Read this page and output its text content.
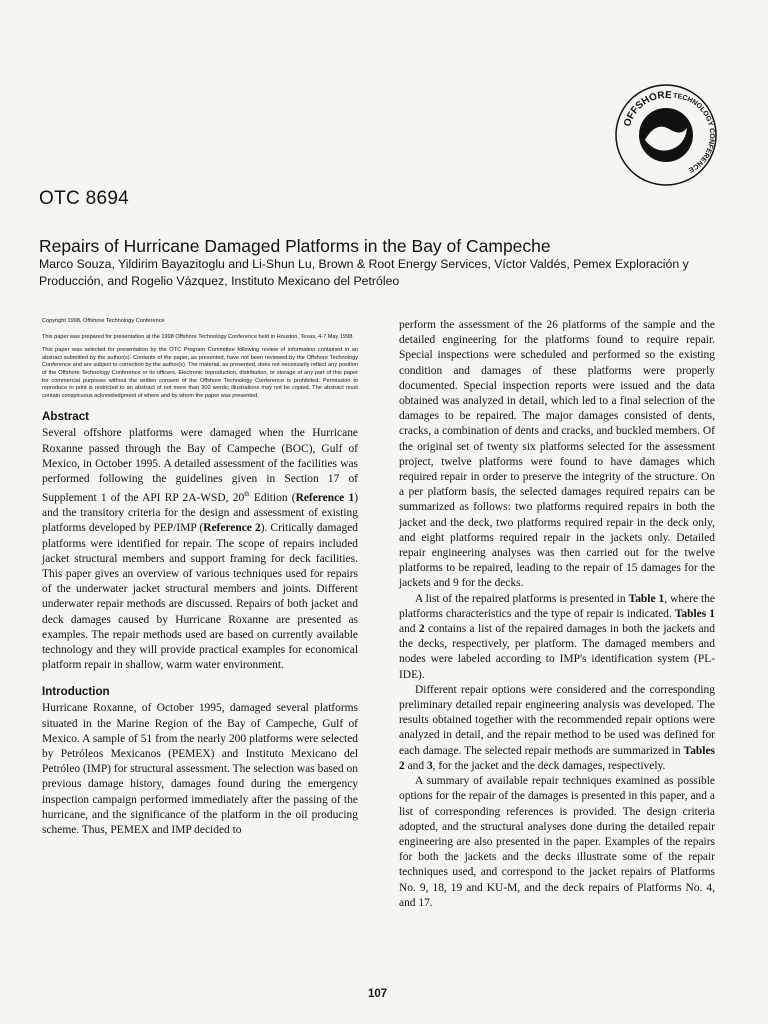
OFFSHORE TECHNOLOGY CONFERENCE
OTC 8694
Repairs of Hurricane Damaged Platforms in the Bay of Campeche
Marco Souza, Yildirim Bayazitoglu and Li-Shun Lu, Brown & Root Energy Services, Víctor Valdés, Pemex Exploración y Producción, and Rogelio Vázquez, Instituto Mexicano del Petróleo

Copyright 1998, Offshore Technology Conference

This paper was prepared for presentation at the 1998 Offshore Technology Conference held in Houston, Texas, 4-7 May 1998.

This paper was selected for presentation by the OTC Program Committee following review of information contained in an abstract submitted by the author(s). Contents of the paper, as presented, have not been reviewed by the Offshore Technology Conference and are subject to correction by the author(s). The material, as presented, does not necessarily reflect any position of the Offshore Technology Conference or its officers. Electronic reproduction, distribution, or storage of any part of this paper for commercial purposes without the written consent of the Offshore Technology Conference is prohibited. Permission to reproduce in print is restricted to an abstract of not more than 300 words; illustrations may not be copied. The abstract must contain conspicuous acknowledgment of where and by whom the paper was presented.

Abstract

Several offshore platforms were damaged when the Hurricane Roxanne passed through the Bay of Campeche (BOC), Gulf of Mexico, in October 1995. A detailed assessment of the facilities was performed following the guidelines given in Section 17 of Supplement 1 of the API RP 2A-WSD, 20th Edition (Reference 1) and the transitory criteria for the design and assessment of existing platforms developed by PEP/IMP (Reference 2). Critically damaged platforms were identified for repair. The scope of repairs included jacket structural members and support framing for deck facilities. This paper gives an overview of various techniques used for repairs of the underwater jacket structural members and joints. Different underwater repair methods are discussed. Repairs of both jacket and deck damages caused by Hurricane Roxanne are presented as examples. The repair methods used are based on currently available technology and they will provide practical examples for economical platform repair in shallow, warm water environment.

Introduction

Hurricane Roxanne, of October 1995, damaged several platforms situated in the Marine Region of the Bay of Campeche, Gulf of Mexico. A sample of 51 from the nearly 200 platforms were selected by Petróleos Mexicanos (PEMEX) and Instituto Mexicano del Petróleo (IMP) for structural assessment. The selection was based on previous damage history, damages found during the emergency inspection campaign performed immediately after the passing of the hurricane, and the significance of the platform in the oil producing scheme. Thus, PEMEX and IMP decided to

perform the assessment of the 26 platforms of the sample and the detailed engineering for the platforms found to require repair. Special inspections were scheduled and performed so the existing condition and damages of these platforms were properly documented. Special inspection reports were issued and the data obtained was analyzed in detail, which led to a final selection of the damages to be repaired. The major damages consisted of dents, cracks, a combination of dents and cracks, and buckled members. Of the original set of twenty six platforms selected for the assessment project, twelve platforms were found to have damages which required repair in order to preserve the integrity of the structure. On a per platform basis, the selected damages required repairs can be summarized as follows: two platforms required repairs in both the jacket and the deck, two platforms required repair in the deck only, and eight platforms required repair in the jackets only. Detailed repair engineering analyses was then carried out for the twelve platforms to be repaired, leading to the repair of 15 damages for the jackets and 9 for the decks.

A list of the repaired platforms is presented in Table 1, where the platforms characteristics and the type of repair is indicated. Tables 1 and 2 contains a list of the repaired damages in both the jackets and the decks, respectively, per platform. The damaged members and nodes were labeled according to IMP's identification system (PL-IDE).

Different repair options were considered and the corresponding preliminary detailed repair engineering analysis was developed. The results obtained together with the recommended repair options were analyzed in detail, and the repair method to be used was defined for each damage. The selected repair methods are summarized in Tables 2 and 3, for the jacket and the deck damages, respectively.

A summary of available repair techniques examined as possible options for the repair of the damages is presented in this paper, and a list of corresponding references is provided. The design criteria adopted, and the structural analyses done during the detailed repair engineering are also presented in the paper. Examples of the repairs for both the jackets and the decks illustrate some of the repair techniques used, and correspond to the jacket repairs of Platforms No. 9, 18, 19 and KU-M, and the deck repairs of Platforms No. 4, and 17.

107
